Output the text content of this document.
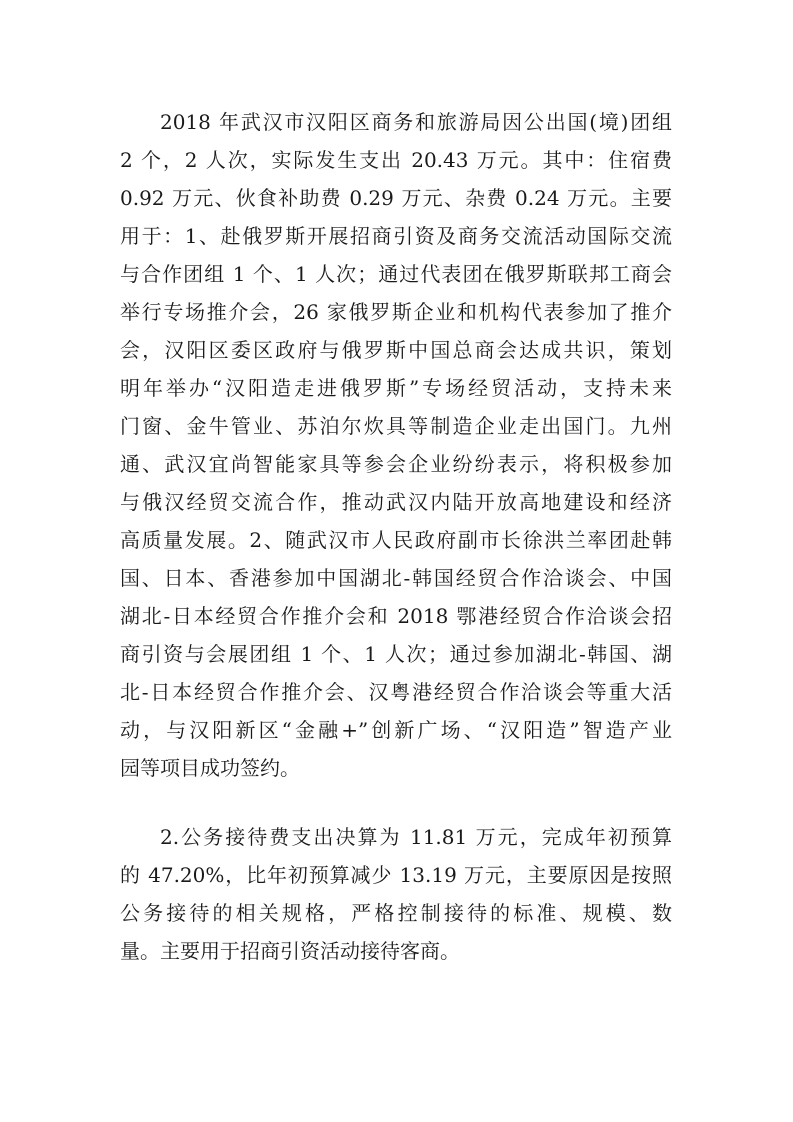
2018 年武汉市汉阳区商务和旅游局因公出国(境)团组
2 个，2 人次，实际发生支出 20.43 万元。其中：住宿费
0.92 万元、伙食补助费 0.29 万元、杂费 0.24 万元。主要
用于：1、赴俄罗斯开展招商引资及商务交流活动国际交流
与合作团组 1 个、1 人次；通过代表团在俄罗斯联邦工商会
举行专场推介会，26 家俄罗斯企业和机构代表参加了推介
会，汉阳区委区政府与俄罗斯中国总商会达成共识，策划
明年举办“汉阳造走进俄罗斯”专场经贸活动，支持未来
门窗、金牛管业、苏泊尔炊具等制造企业走出国门。九州
通、武汉宜尚智能家具等参会企业纷纷表示，将积极参加
与俄汉经贸交流合作，推动武汉内陆开放高地建设和经济
高质量发展。2、随武汉市人民政府副市长徐洪兰率团赴韩
国、日本、香港参加中国湖北-韩国经贸合作洽谈会、中国
湖北-日本经贸合作推介会和 2018 鄂港经贸合作洽谈会招
商引资与会展团组 1 个、1 人次；通过参加湖北-韩国、湖
北-日本经贸合作推介会、汉粤港经贸合作洽谈会等重大活
动，与汉阳新区“金融+”创新广场、“汉阳造”智造产业
园等项目成功签约。
2.公务接待费支出决算为 11.81 万元，完成年初预算
的 47.20%，比年初预算减少 13.19 万元，主要原因是按照
公务接待的相关规格，严格控制接待的标准、规模、数
量。主要用于招商引资活动接待客商。
